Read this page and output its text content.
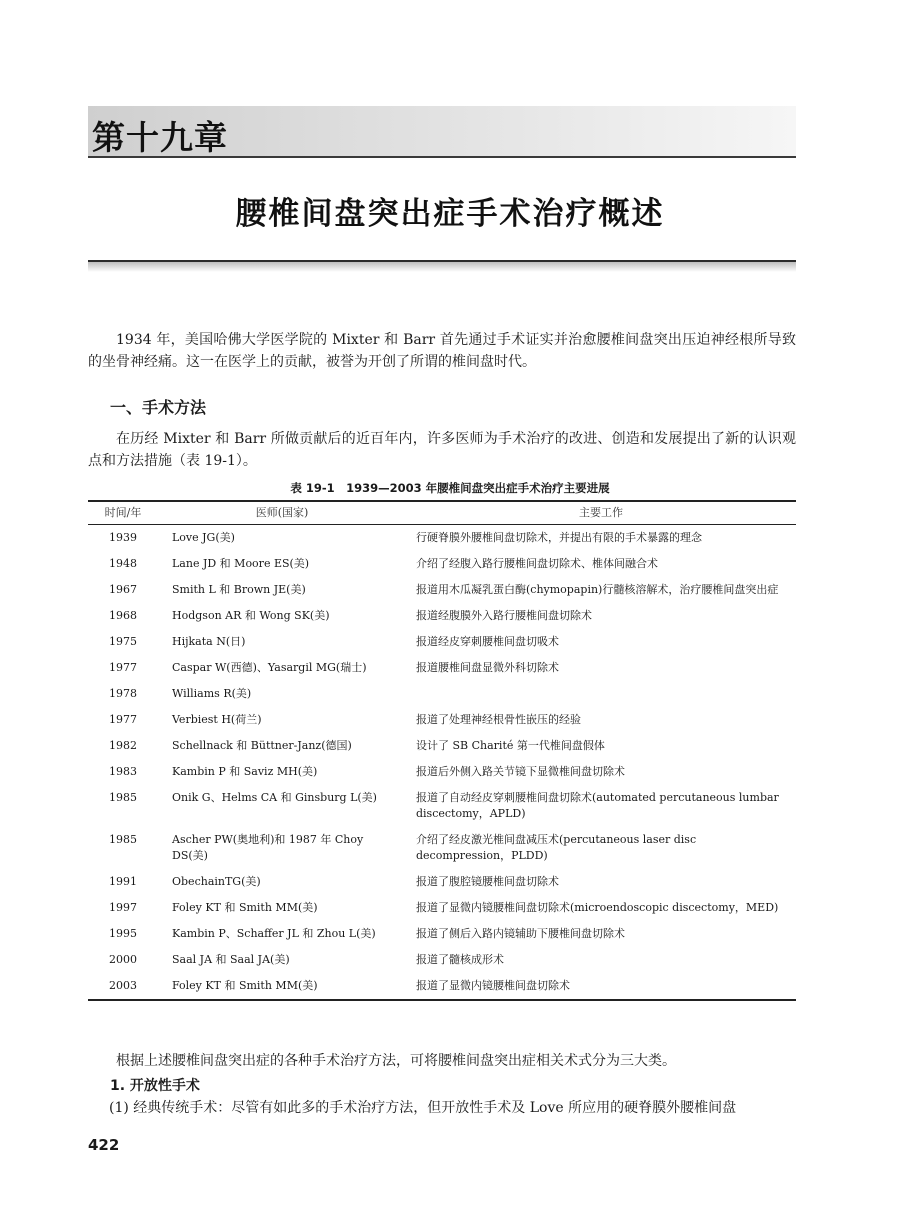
第十九章
腰椎间盘突出症手术治疗概述

1934 年，美国哈佛大学医学院的 Mixter 和 Barr 首先通过手术证实并治愈腰椎间盘突出压迫神经根所导致的坐骨神经痛。这一在医学上的贡献，被誉为开创了所谓的椎间盘时代。

一、手术方法

在历经 Mixter 和 Barr 所做贡献后的近百年内，许多医师为手术治疗的改进、创造和发展提出了新的认识观点和方法措施（表 19-1）。

表 19-1　1939—2003 年腰椎间盘突出症手术治疗主要进展
时间/年	医师(国家)	主要工作
1939	Love JG(美)	行硬脊膜外腰椎间盘切除术，并提出有限的手术暴露的理念
1948	Lane JD 和 Moore ES(美)	介绍了经腹入路行腰椎间盘切除术、椎体间融合术
1967	Smith L 和 Brown JE(美)	报道用木瓜凝乳蛋白酶(chymopapin)行髓核溶解术，治疗腰椎间盘突出症
1968	Hodgson AR 和 Wong SK(美)	报道经腹膜外入路行腰椎间盘切除术
1975	Hijkata N(日)	报道经皮穿刺腰椎间盘切吸术
1977	Caspar W(西德)、Yasargil MG(瑞士)	报道腰椎间盘显微外科切除术
1978	Williams R(美)	
1977	Verbiest H(荷兰)	报道了处理神经根骨性嵌压的经验
1982	Schellnack 和 Büttner-Janz(德国)	设计了 SB Charité 第一代椎间盘假体
1983	Kambin P 和 Saviz MH(美)	报道后外侧入路关节镜下显微椎间盘切除术
1985	Onik G、Helms CA 和 Ginsburg L(美)	报道了自动经皮穿刺腰椎间盘切除术(automated percutaneous lumbar discectomy，APLD)
1985	Ascher PW(奥地利)和 1987 年 Choy DS(美)	介绍了经皮激光椎间盘减压术(percutaneous laser disc decompression，PLDD)
1991	ObechainTG(美)	报道了腹腔镜腰椎间盘切除术
1997	Foley KT 和 Smith MM(美)	报道了显微内镜腰椎间盘切除术(microendoscopic discectomy，MED)
1995	Kambin P、Schaffer JL 和 Zhou L(美)	报道了侧后入路内镜辅助下腰椎间盘切除术
2000	Saal JA 和 Saal JA(美)	报道了髓核成形术
2003	Foley KT 和 Smith MM(美)	报道了显微内镜腰椎间盘切除术

根据上述腰椎间盘突出症的各种手术治疗方法，可将腰椎间盘突出症相关术式分为三大类。

1. 开放性手术

(1) 经典传统手术：尽管有如此多的手术治疗方法，但开放性手术及 Love 所应用的硬脊膜外腰椎间盘

422
